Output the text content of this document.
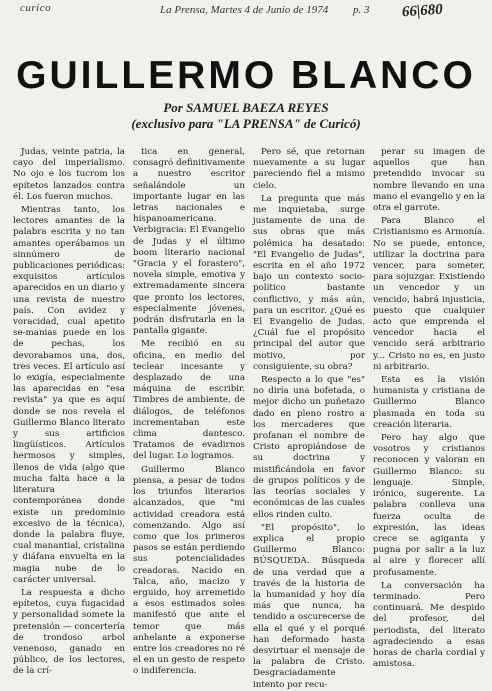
curico	La Prensa, Martes 4 de Junio de 1974 p. 3 66|680
GUILLERMO BLANCO
Por SAMUEL BAEZA REYES
(exclusivo para "LA PRENSA" de Curicó)

Judas, veinte patria, la cayo del imperialismo. No ojo e los tucrom los epítetos lanzados contra él. Los fueron muchos.

Mientras tanto, los lectores amantes de la palabra escrita y no tan amantes operábamos un sinnúmero de publicaciones periódicas: exquisitos artículos aparecidos en un diario y una revista de nuestro país. Con avidez y voracidad, cual apetito se-manias puede en los de pechas, los devorabamos una, dos, tres veces. El artículo así lo exigía, especialmente las aparecidas en "esa revista" ya que es aquí donde se nos revela el Guillermo Blanco literato y sus artificios lingüísticos. Artículos hermosos y simples, llenos de vida (algo que mucha falta hace a la literatura contemporánea donde existe un predominio excesivo de la técnica), donde la palabra fluye, cual manantial, cristalina y diáfana envuelta en la magia nube de lo carácter universal.

La respuesta a dicho epítetos, cuya fugacidad y personalidad somete la pretensión — concertería de trondoso arbol venenoso, ganado en público, de los lectores, de la crí-

tica en general, consagró definitivamente a nuestro escritor señalándole un importante lugar en las letras nacionales e hispanoamericana. Verbigracia: El Evangelio de Judas y el último boom literario nacional "Gracia y el forastero", novela simple, emotiva y extremadamente sincera que pronto los lectores, especialmente jóvenes, podrán disfrutarla en la pantalla gigante.

Me recibió en su oficina, en medio del teclear incesante y desplazado de una máquina de escribir. Timbres de ambiente, de diálogos, de teléfonos incrementaban este clima dantesco. Tratamos de evadirnos del lugar. Lo logramos.

Guillermo Blanco piensa, a pesar de todos los triunfos literarios alcanzados, que "mi actividad creadora está comenzando. Algo así como que los primeros pasos se están perdiendo sus potencialidades creadoras. Nacido en Talca, año, macizo y erguido, hoy arremetido a esos estimados soles manifestó que ante el temor que más anhelante a exponerse entre los creadores no ré el en un gesto de respeto o indiferencia.

Pero sé, que retornan nuevamente a su lugar pareciendo fiel a mismo cielo.

La pregunta que más me inquietaba, surge justamente de una de sus obras que más polémica ha desatado: "El Evangelio de Judas", escrita en el año 1972 bajo un contexto socio-político bastante conflictivo, y más aún, para un escritor. ¿Qué es El Evangelio de Judas. ¿Cuál fue el propósito principal del autor que motivo, por consiguiente, su obra?

Respecto a lo que "es" no diría una bofetada, o mejor dicho un puñetazo dado en pleno rostro a los mercaderes que profanan el nombre de Cristo apropiándose de su doctrina y mistificándola en favor de grupos políticos y de las teorías sociales y económicas de las cuales ellos rinden culto.

"El propósito", lo explica el propio Guillermo Blanco: BÚSQUEDA. Búsqueda de una verdad que a través de la historia de la humanidad y hoy día más que nunca, ha tendido a oscurecerse de ella el qué y el porqué han deformado hasta desvirtuar el mensaje de la palabra de Cristo. Desgraciadamente intento por recu-

perar su imagen de aquellos que han pretendido invocar su nombre llevando en una mano el evangelio y en la otra el garrote.

Para Blanco el Cristianismo es Armonía. No se puede, entonce, utilizar la doctrina para vencer, para someter, para sojuzgar. Existiendo un vencedor y un vencido, habrá injusticia, puesto que cualquier acto que emprenda el vencedor hacia el vencido será arbitrario y... Cristo no es, en justo ni arbitrario.

Esta es la visión humanista y cristiana de Guillermo Blanco plasmada en toda su creación literaria.

Pero hay algo que vosotros y cristianos reconocen y valoran en Guillermo Blanco: su lenguaje. Simple, irónico, sugerente. La palabra conlleva una fuerza oculta de expresión, las ideas crece se agiganta y pugna por salir a la luz al aire y florecer allí profusamente.

La conversación ha terminado. Pero continuará. Me despido del profesor, del periodista, del literato agradeciendo a esas horas de charla cordial y amistosa.
